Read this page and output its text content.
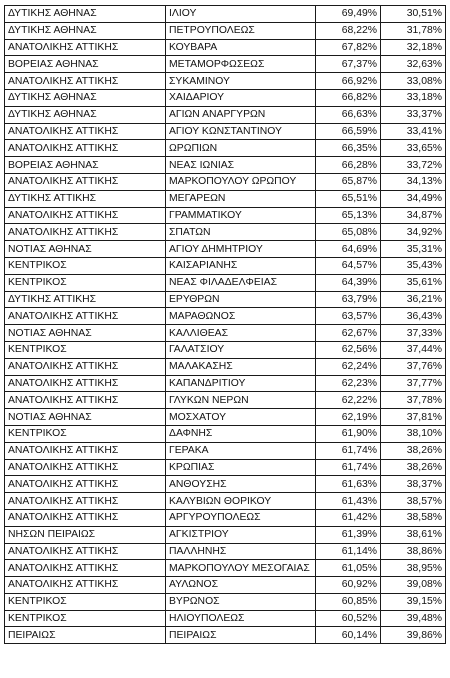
ΔΥΤΙΚΗΣ ΑΘΗΝΑΣ	ΙΛΙΟΥ	69,49%	30,51%
ΔΥΤΙΚΗΣ ΑΘΗΝΑΣ	ΠΕΤΡΟΥΠΟΛΕΩΣ	68,22%	31,78%
ΑΝΑΤΟΛΙΚΗΣ ΑΤΤΙΚΗΣ	ΚΟΥΒΑΡΑ	67,82%	32,18%
ΒΟΡΕΙΑΣ ΑΘΗΝΑΣ	ΜΕΤΑΜΟΡΦΩΣΕΩΣ	67,37%	32,63%
ΑΝΑΤΟΛΙΚΗΣ ΑΤΤΙΚΗΣ	ΣΥΚΑΜΙΝΟΥ	66,92%	33,08%
ΔΥΤΙΚΗΣ ΑΘΗΝΑΣ	ΧΑΙΔΑΡΙΟΥ	66,82%	33,18%
ΔΥΤΙΚΗΣ ΑΘΗΝΑΣ	ΑΓΙΩΝ ΑΝΑΡΓΥΡΩΝ	66,63%	33,37%
ΑΝΑΤΟΛΙΚΗΣ ΑΤΤΙΚΗΣ	ΑΓΙΟΥ ΚΩΝΣΤΑΝΤΙΝΟΥ	66,59%	33,41%
ΑΝΑΤΟΛΙΚΗΣ ΑΤΤΙΚΗΣ	ΩΡΩΠΙΩΝ	66,35%	33,65%
ΒΟΡΕΙΑΣ ΑΘΗΝΑΣ	ΝΕΑΣ ΙΩΝΙΑΣ	66,28%	33,72%
ΑΝΑΤΟΛΙΚΗΣ ΑΤΤΙΚΗΣ	ΜΑΡΚΟΠΟΥΛΟΥ ΩΡΩΠΟΥ	65,87%	34,13%
ΔΥΤΙΚΗΣ ΑΤΤΙΚΗΣ	ΜΕΓΑΡΕΩΝ	65,51%	34,49%
ΑΝΑΤΟΛΙΚΗΣ ΑΤΤΙΚΗΣ	ΓΡΑΜΜΑΤΙΚΟΥ	65,13%	34,87%
ΑΝΑΤΟΛΙΚΗΣ ΑΤΤΙΚΗΣ	ΣΠΑΤΩΝ	65,08%	34,92%
ΝΟΤΙΑΣ ΑΘΗΝΑΣ	ΑΓΙΟΥ ΔΗΜΗΤΡΙΟΥ	64,69%	35,31%
ΚΕΝΤΡΙΚΟΣ	ΚΑΙΣΑΡΙΑΝΗΣ	64,57%	35,43%
ΚΕΝΤΡΙΚΟΣ	ΝΕΑΣ ΦΙΛΑΔΕΛΦΕΙΑΣ	64,39%	35,61%
ΔΥΤΙΚΗΣ ΑΤΤΙΚΗΣ	ΕΡΥΘΡΩΝ	63,79%	36,21%
ΑΝΑΤΟΛΙΚΗΣ ΑΤΤΙΚΗΣ	ΜΑΡΑΘΩΝΟΣ	63,57%	36,43%
ΝΟΤΙΑΣ ΑΘΗΝΑΣ	ΚΑΛΛΙΘΕΑΣ	62,67%	37,33%
ΚΕΝΤΡΙΚΟΣ	ΓΑΛΑΤΣΙΟΥ	62,56%	37,44%
ΑΝΑΤΟΛΙΚΗΣ ΑΤΤΙΚΗΣ	ΜΑΛΑΚΑΣΗΣ	62,24%	37,76%
ΑΝΑΤΟΛΙΚΗΣ ΑΤΤΙΚΗΣ	ΚΑΠΑΝΔΡΙΤΙΟΥ	62,23%	37,77%
ΑΝΑΤΟΛΙΚΗΣ ΑΤΤΙΚΗΣ	ΓΛΥΚΩΝ ΝΕΡΩΝ	62,22%	37,78%
ΝΟΤΙΑΣ ΑΘΗΝΑΣ	ΜΟΣΧΑΤΟΥ	62,19%	37,81%
ΚΕΝΤΡΙΚΟΣ	ΔΑΦΝΗΣ	61,90%	38,10%
ΑΝΑΤΟΛΙΚΗΣ ΑΤΤΙΚΗΣ	ΓΕΡΑΚΑ	61,74%	38,26%
ΑΝΑΤΟΛΙΚΗΣ ΑΤΤΙΚΗΣ	ΚΡΩΠΙΑΣ	61,74%	38,26%
ΑΝΑΤΟΛΙΚΗΣ ΑΤΤΙΚΗΣ	ΑΝΘΟΥΣΗΣ	61,63%	38,37%
ΑΝΑΤΟΛΙΚΗΣ ΑΤΤΙΚΗΣ	ΚΑΛΥΒΙΩΝ ΘΟΡΙΚΟΥ	61,43%	38,57%
ΑΝΑΤΟΛΙΚΗΣ ΑΤΤΙΚΗΣ	ΑΡΓΥΡΟΥΠΟΛΕΩΣ	61,42%	38,58%
ΝΗΣΩΝ ΠΕΙΡΑΙΩΣ	ΑΓΚΙΣΤΡΙΟΥ	61,39%	38,61%
ΑΝΑΤΟΛΙΚΗΣ ΑΤΤΙΚΗΣ	ΠΑΛΛΗΝΗΣ	61,14%	38,86%
ΑΝΑΤΟΛΙΚΗΣ ΑΤΤΙΚΗΣ	ΜΑΡΚΟΠΟΥΛΟΥ ΜΕΣΟΓΑΙΑΣ	61,05%	38,95%
ΑΝΑΤΟΛΙΚΗΣ ΑΤΤΙΚΗΣ	ΑΥΛΩΝΟΣ	60,92%	39,08%
ΚΕΝΤΡΙΚΟΣ	ΒΥΡΩΝΟΣ	60,85%	39,15%
ΚΕΝΤΡΙΚΟΣ	ΗΛΙΟΥΠΟΛΕΩΣ	60,52%	39,48%
ΠΕΙΡΑΙΩΣ	ΠΕΙΡΑΙΩΣ	60,14%	39,86%
